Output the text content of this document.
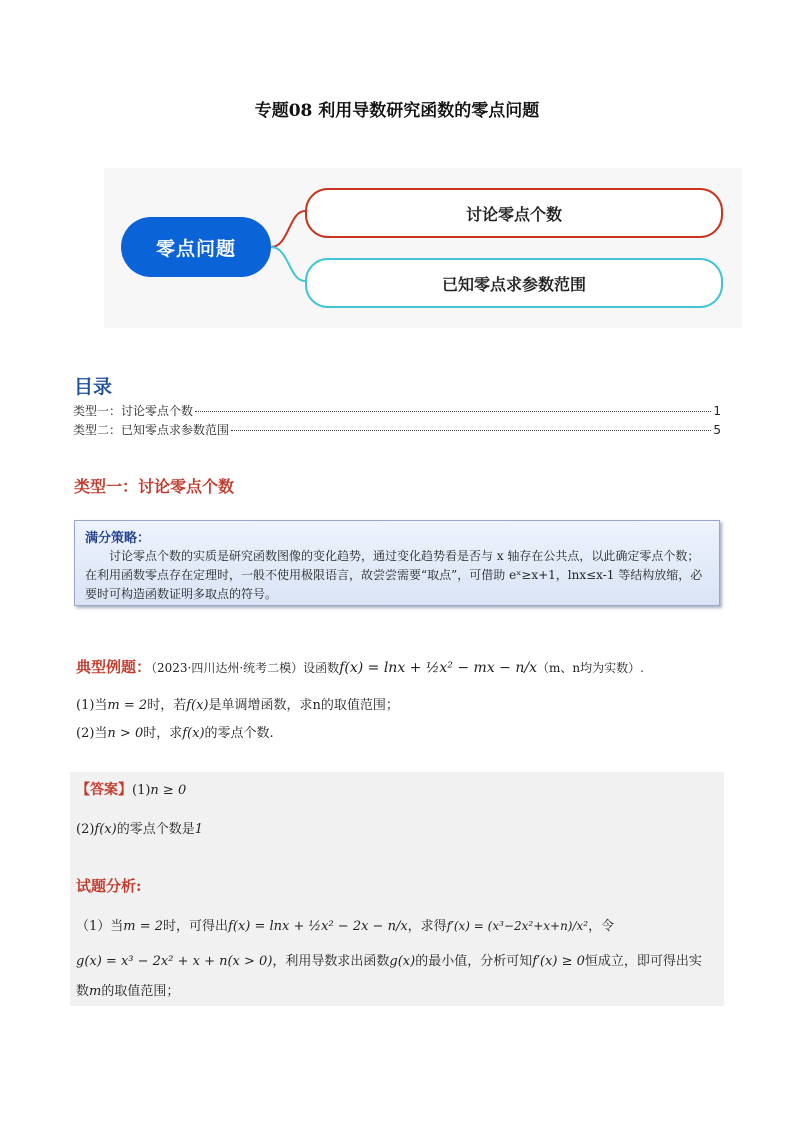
专题08 利用导数研究函数的零点问题
零点问题
讨论零点个数
已知零点求参数范围
目录
类型一：讨论零点个数	1
类型二：已知零点求参数范围	5
类型一：讨论零点个数
满分策略：
讨论零点个数的实质是研究函数图像的变化趋势，通过变化趋势看是否与 x 轴存在公共点，以此确定零点个数；在利用函数零点存在定理时，一般不使用极限语言，故尝尝需要“取点”，可借助 eˣ≥x+1，lnx≤x-1 等结构放缩，必要时可构造函数证明多取点的符号。
典型例题：（2023·四川达州·统考二模）设函数f(x) = lnx + ½x² − mx − n/x（m、n均为实数）.
(1)当m = 2时，若f(x)是单调增函数，求n的取值范围；
(2)当n > 0时，求f(x)的零点个数.
【答案】(1)n ≥ 0
(2)f(x)的零点个数是1
试题分析:
（1）当m = 2时，可得出f(x) = lnx + ½x² − 2x − n/x，求得f′(x) = (x³−2x²+x+n)/x²，令
g(x) = x³ − 2x² + x + n(x > 0)，利用导数求出函数g(x)的最小值，分析可知f′(x) ≥ 0恒成立，即可得出实
数m的取值范围；
